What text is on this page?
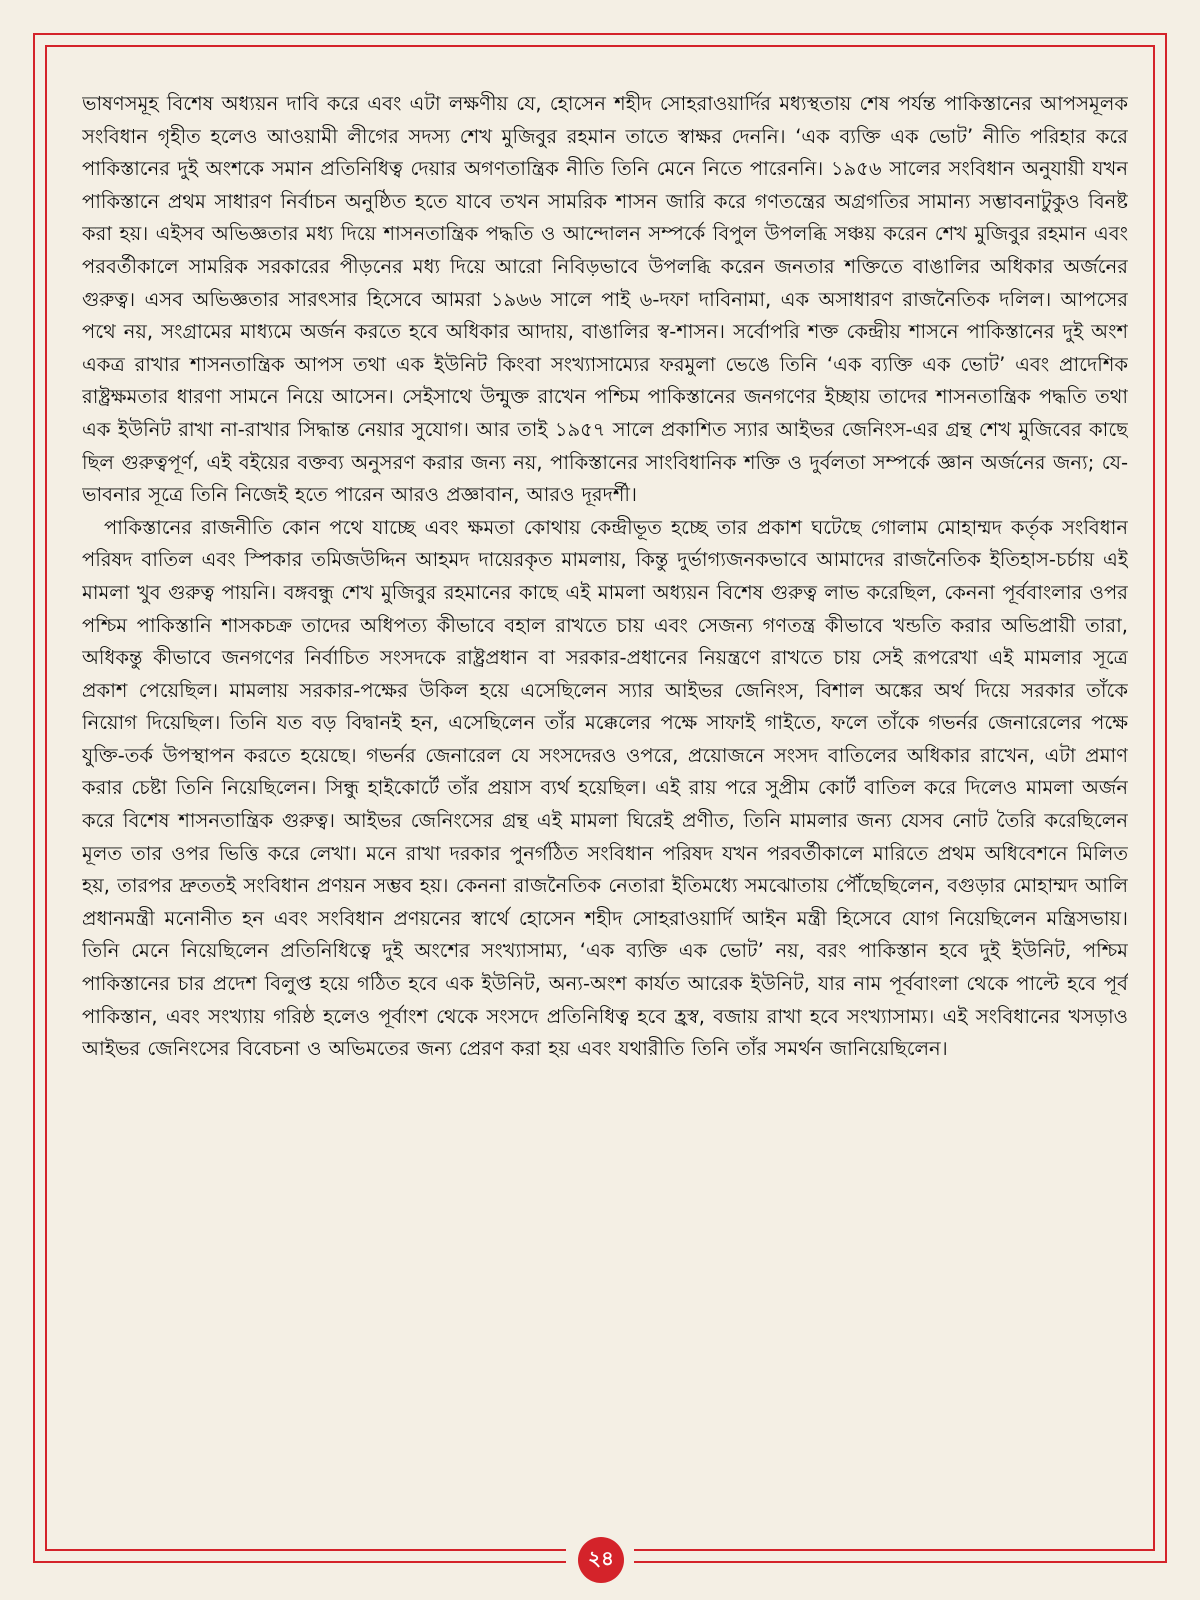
ভাষণসমূহ বিশেষ অধ্যয়ন দাবি করে এবং এটা লক্ষণীয় যে, হোসেন শহীদ সোহরাওয়ার্দির মধ্যস্থতায় শেষ পর্যন্ত পাকিস্তানের আপসমূলক সংবিধান গৃহীত হলেও আওয়ামী লীগের সদস্য শেখ মুজিবুর রহমান তাতে স্বাক্ষর দেননি। ‘এক ব্যক্তি এক ভোট’ নীতি পরিহার করে পাকিস্তানের দুই অংশকে সমান প্রতিনিধিত্ব দেয়ার অগণতান্ত্রিক নীতি তিনি মেনে নিতে পারেননি। ১৯৫৬ সালের সংবিধান অনুযায়ী যখন পাকিস্তানে প্রথম সাধারণ নির্বাচন অনুষ্ঠিত হতে যাবে তখন সামরিক শাসন জারি করে গণতন্ত্রের অগ্রগতির সামান্য সম্ভাবনাটুকুও বিনষ্ট করা হয়। এইসব অভিজ্ঞতার মধ্য দিয়ে শাসনতান্ত্রিক পদ্ধতি ও আন্দোলন সম্পর্কে বিপুল উপলব্ধি সঞ্চয় করেন শেখ মুজিবুর রহমান এবং পরবর্তীকালে সামরিক সরকারের পীড়নের মধ্য দিয়ে আরো নিবিড়ভাবে উপলব্ধি করেন জনতার শক্তিতে বাঙালির অধিকার অর্জনের গুরুত্ব। এসব অভিজ্ঞতার সারৎসার হিসেবে আমরা ১৯৬৬ সালে পাই ৬-দফা দাবিনামা, এক অসাধারণ রাজনৈতিক দলিল। আপসের পথে নয়, সংগ্রামের মাধ্যমে অর্জন করতে হবে অধিকার আদায়, বাঙালির স্ব-শাসন। সর্বোপরি শক্ত কেন্দ্রীয় শাসনে পাকিস্তানের দুই অংশ একত্র রাখার শাসনতান্ত্রিক আপস তথা এক ইউনিট কিংবা সংখ্যাসাম্যের ফরমুলা ভেঙে তিনি ‘এক ব্যক্তি এক ভোট’ এবং প্রাদেশিক রাষ্ট্রক্ষমতার ধারণা সামনে নিয়ে আসেন। সেইসাথে উন্মুক্ত রাখেন পশ্চিম পাকিস্তানের জনগণের ইচ্ছায় তাদের শাসনতান্ত্রিক পদ্ধতি তথা এক ইউনিট রাখা না-রাখার সিদ্ধান্ত নেয়ার সুযোগ। আর তাই ১৯৫৭ সালে প্রকাশিত স্যার আইভর জেনিংস-এর গ্রন্থ শেখ মুজিবের কাছে ছিল গুরুত্বপূর্ণ, এই বইয়ের বক্তব্য অনুসরণ করার জন্য নয়, পাকিস্তানের সাংবিধানিক শক্তি ও দুর্বলতা সম্পর্কে জ্ঞান অর্জনের জন্য; যে-ভাবনার সূত্রে তিনি নিজেই হতে পারেন আরও প্রজ্ঞাবান, আরও দূরদর্শী।

পাকিস্তানের রাজনীতি কোন পথে যাচ্ছে এবং ক্ষমতা কোথায় কেন্দ্রীভূত হচ্ছে তার প্রকাশ ঘটেছে গোলাম মোহাম্মদ কর্তৃক সংবিধান পরিষদ বাতিল এবং স্পিকার তমিজউদ্দিন আহমদ দায়েরকৃত মামলায়, কিন্তু দুর্ভাগ্যজনকভাবে আমাদের রাজনৈতিক ইতিহাস-চর্চায় এই মামলা খুব গুরুত্ব পায়নি। বঙ্গবন্ধু শেখ মুজিবুর রহমানের কাছে এই মামলা অধ্যয়ন বিশেষ গুরুত্ব লাভ করেছিল, কেননা পূর্ববাংলার ওপর পশ্চিম পাকিস্তানি শাসকচক্র তাদের অধিপত্য কীভাবে বহাল রাখতে চায় এবং সেজন্য গণতন্ত্র কীভাবে খন্ডতি করার অভিপ্রায়ী তারা, অধিকন্তু কীভাবে জনগণের নির্বাচিত সংসদকে রাষ্ট্রপ্রধান বা সরকার-প্রধানের নিয়ন্ত্রণে রাখতে চায় সেই রূপরেখা এই মামলার সূত্রে প্রকাশ পেয়েছিল। মামলায় সরকার-পক্ষের উকিল হয়ে এসেছিলেন স্যার আইভর জেনিংস, বিশাল অঙ্কের অর্থ দিয়ে সরকার তাঁকে নিয়োগ দিয়েছিল। তিনি যত বড় বিদ্বানই হন, এসেছিলেন তাঁর মক্কেলের পক্ষে সাফাই গাইতে, ফলে তাঁকে গভর্নর জেনারেলের পক্ষে যুক্তি-তর্ক উপস্থাপন করতে হয়েছে। গভর্নর জেনারেল যে সংসদেরও ওপরে, প্রয়োজনে সংসদ বাতিলের অধিকার রাখেন, এটা প্রমাণ করার চেষ্টা তিনি নিয়েছিলেন। সিন্ধু হাইকোর্টে তাঁর প্রয়াস ব্যর্থ হয়েছিল। এই রায় পরে সুপ্রীম কোর্ট বাতিল করে দিলেও মামলা অর্জন করে বিশেষ শাসনতান্ত্রিক গুরুত্ব। আইভর জেনিংসের গ্রন্থ এই মামলা ঘিরেই প্রণীত, তিনি মামলার জন্য যেসব নোট তৈরি করেছিলেন মূলত তার ওপর ভিত্তি করে লেখা। মনে রাখা দরকার পুনর্গঠিত সংবিধান পরিষদ যখন পরবর্তীকালে মারিতে প্রথম অধিবেশনে মিলিত হয়, তারপর দ্রুততই সংবিধান প্রণয়ন সম্ভব হয়। কেননা রাজনৈতিক নেতারা ইতিমধ্যে সমঝোতায় পৌঁছেছিলেন, বগুড়ার মোহাম্মদ আলি প্রধানমন্ত্রী মনোনীত হন এবং সংবিধান প্রণয়নের স্বার্থে হোসেন শহীদ সোহরাওয়ার্দি আইন মন্ত্রী হিসেবে যোগ নিয়েছিলেন মন্ত্রিসভায়। তিনি মেনে নিয়েছিলেন প্রতিনিধিত্বে দুই অংশের সংখ্যাসাম্য, ‘এক ব্যক্তি এক ভোট’ নয়, বরং পাকিস্তান হবে দুই ইউনিট, পশ্চিম পাকিস্তানের চার প্রদেশ বিলুপ্ত হয়ে গঠিত হবে এক ইউনিট, অন্য-অংশ কার্যত আরেক ইউনিট, যার নাম পূর্ববাংলা থেকে পাল্টে হবে পূর্ব পাকিস্তান, এবং সংখ্যায় গরিষ্ঠ হলেও পূর্বাংশ থেকে সংসদে প্রতিনিধিত্ব হবে হ্রস্ব, বজায় রাখা হবে সংখ্যাসাম্য। এই সংবিধানের খসড়াও আইভর জেনিংসের বিবেচনা ও অভিমতের জন্য প্রেরণ করা হয় এবং যথারীতি তিনি তাঁর সমর্থন জানিয়েছিলেন।

২৪
